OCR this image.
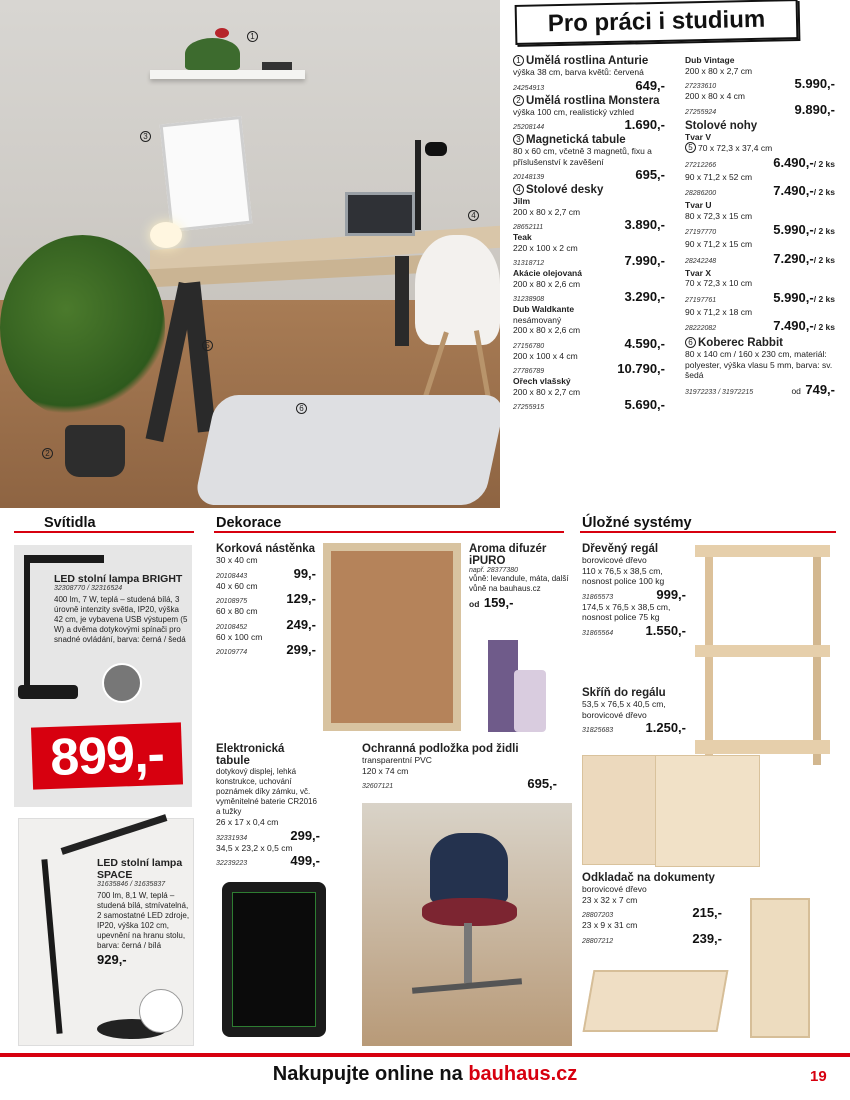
1
3
4
5
6
2
Pro práci i studium
1 Umělá rostlina Anturie
výška 38 cm, barva květů: červená
24254913	649,-
2 Umělá rostlina Monstera
výška 100 cm, realistický vzhled
25208144	1.690,-
3 Magnetická tabule
80 x 60 cm, včetně 3 magnetů, fixu a příslušenství k zavěšení
20148139	695,-
4 Stolové desky
Jilm
200 x 80 x 2,7 cm
28652111	3.890,-
Teak
220 x 100 x 2 cm
31318712	7.990,-
Akácie olejovaná
200 x 80 x 2,6 cm
31238908	3.290,-
Dub Waldkante
nesámovaný
200 x 80 x 2,6 cm
27156780	4.590,-
200 x 100 x 4 cm
27786789	10.790,-
Ořech vlašský
200 x 80 x 2,7 cm
27255915	5.690,-
Dub Vintage
200 x 80 x 2,7 cm
27233610	5.990,-
200 x 80 x 4 cm
27255924	9.890,-
Stolové nohy
Tvar V
5 70 x 72,3 x 37,4 cm
27212266	6.490,-/ 2 ks
90 x 71,2 x 52 cm
28286200	7.490,-/ 2 ks
Tvar U
80 x 72,3 x 15 cm
27197770	5.990,-/ 2 ks
90 x 71,2 x 15 cm
28242248	7.290,-/ 2 ks
Tvar X
70 x 72,3 x 10 cm
27197761	5.990,-/ 2 ks
90 x 71,2 x 18 cm
28222082	7.490,-/ 2 ks
6 Koberec Rabbit
80 x 140 cm / 160 x 230 cm, materiál: polyester, výška vlasu 5 mm, barva: sv. šedá
31972233 / 31972215	od 749,-
Svítidla	Dekorace	Úložné systémy
LED stolní lampa BRIGHT
32308770 / 32316524
400 lm, 7 W, teplá – studená bílá, 3 úrovně intenzity světla, IP20, výška 42 cm, je vybavena USB výstupem (5 W) a dvěma dotykovými spínači pro snadné ovládání, barva: černá / šedá
899,-
LED stolní lampa SPACE
31635846 / 31635837
700 lm, 8,1 W, teplá – studená bílá, stmívatelná, 2 samostatné LED zdroje, IP20, výška 102 cm, upevnění na hranu stolu, barva: černá / bílá
929,-
Korková nástěnka
30 x 40 cm
20108443	99,-
40 x 60 cm
20108975	129,-
60 x 80 cm
20108452	249,-
60 x 100 cm
20109774	299,-
Aroma difuzér iPURO
např. 28377380
vůně: levandule, máta, další vůně na bauhaus.cz
od 159,-
Elektronická tabule
dotykový displej, lehká konstrukce, uchování poznámek díky zámku, vč. vyměnitelné baterie CR2016 a tužky
26 x 17 x 0,4 cm
32331934	299,-
34,5 x 23,2 x 0,5 cm
32239223	499,-
Ochranná podložka pod židli
transparentní PVC
120 x 74 cm
32607121	695,-
Dřevěný regál
borovicové dřevo
110 x 76,5 x 38,5 cm, nosnost police 100 kg
31865573	999,-
174,5 x 76,5 x 38,5 cm, nosnost police 75 kg
31865564 1.550,-
Skříň do regálu
53,5 x 76,5 x 40,5 cm, borovicové dřevo
31825683 1.250,-
Odkladač na dokumenty
borovicové dřevo
23 x 32 x 7 cm
28807203	215,-
23 x 9 x 31 cm
28807212	239,-
Nakupujte online na bauhaus.cz	19
